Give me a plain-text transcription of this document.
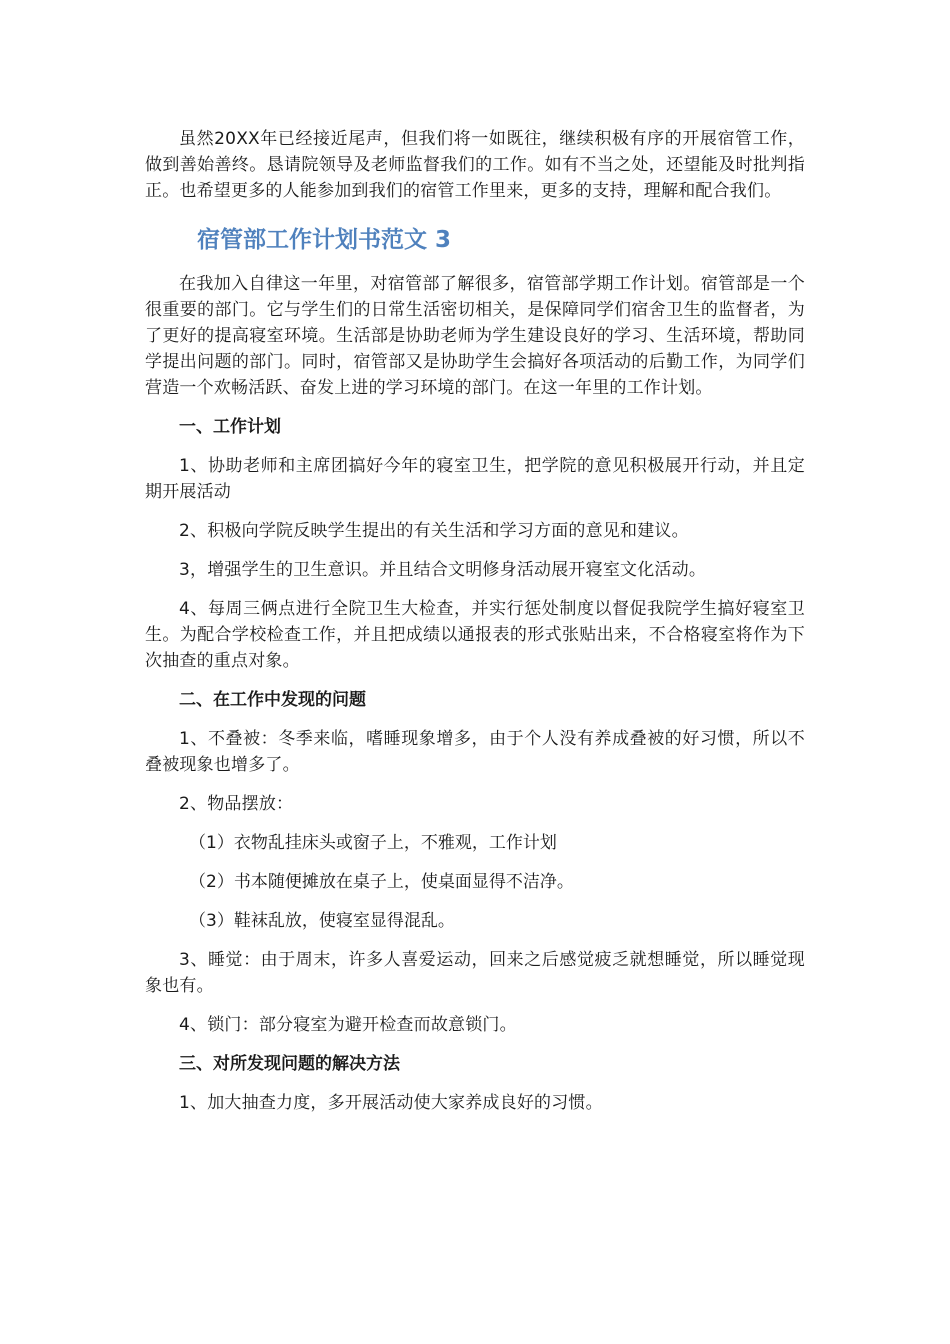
虽然20XX年已经接近尾声，但我们将一如既往，继续积极有序的开展宿管工作，做到善始善终。恳请院领导及老师监督我们的工作。如有不当之处，还望能及时批判指正。也希望更多的人能参加到我们的宿管工作里来，更多的支持，理解和配合我们。

宿管部工作计划书范文 3

在我加入自律这一年里，对宿管部了解很多，宿管部学期工作计划。宿管部是一个很重要的部门。它与学生们的日常生活密切相关，是保障同学们宿舍卫生的监督者，为了更好的提高寝室环境。生活部是协助老师为学生建设良好的学习、生活环境，帮助同学提出问题的部门。同时，宿管部又是协助学生会搞好各项活动的后勤工作，为同学们营造一个欢畅活跃、奋发上进的学习环境的部门。在这一年里的工作计划。

一、工作计划

1、协助老师和主席团搞好今年的寝室卫生，把学院的意见积极展开行动，并且定期开展活动

2、积极向学院反映学生提出的有关生活和学习方面的意见和建议。

3，增强学生的卫生意识。并且结合文明修身活动展开寝室文化活动。

4、每周三俩点进行全院卫生大检查，并实行惩处制度以督促我院学生搞好寝室卫生。为配合学校检查工作，并且把成绩以通报表的形式张贴出来，不合格寝室将作为下次抽查的重点对象。

二、在工作中发现的问题

1、不叠被：冬季来临，嗜睡现象增多，由于个人没有养成叠被的好习惯，所以不叠被现象也增多了。

2、物品摆放：

（1）衣物乱挂床头或窗子上，不雅观，工作计划

（2）书本随便摊放在桌子上，使桌面显得不洁净。

（3）鞋袜乱放，使寝室显得混乱。

3、睡觉：由于周末，许多人喜爱运动，回来之后感觉疲乏就想睡觉，所以睡觉现象也有。

4、锁门：部分寝室为避开检查而故意锁门。

三、对所发现问题的解决方法

1、加大抽查力度，多开展活动使大家养成良好的习惯。
